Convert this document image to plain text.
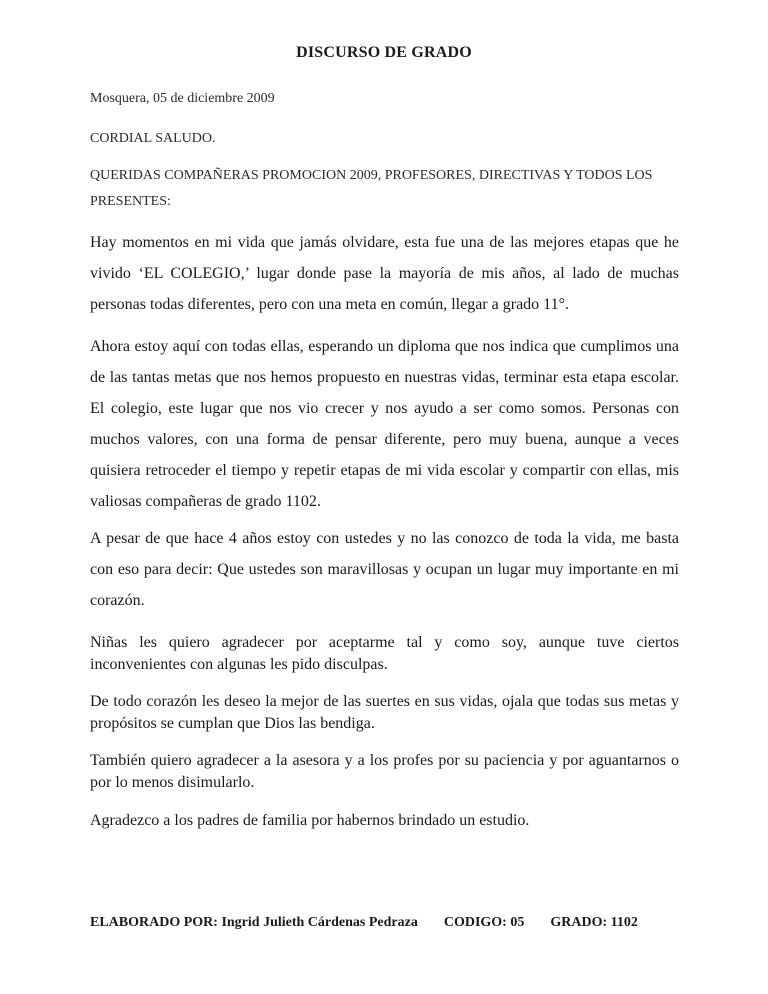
DISCURSO DE GRADO
Mosquera, 05 de diciembre 2009
CORDIAL SALUDO.
QUERIDAS COMPAÑERAS PROMOCION 2009, PROFESORES, DIRECTIVAS Y TODOS LOS PRESENTES:

Hay momentos en mi vida que jamás olvidare, esta fue una de las mejores etapas que he vivido ‘EL COLEGIO,’ lugar donde pase la mayoría de mis años, al lado de muchas personas todas diferentes, pero con una meta en común, llegar a grado 11°.

Ahora estoy aquí con todas ellas, esperando un diploma que nos indica que cumplimos una de las tantas metas que nos hemos propuesto en nuestras vidas, terminar esta etapa escolar. El colegio, este lugar que nos vio crecer y nos ayudo a ser como somos. Personas con muchos valores, con una forma de pensar diferente, pero muy buena, aunque a veces quisiera retroceder el tiempo y repetir etapas de mi vida escolar y compartir con ellas, mis valiosas compañeras de grado 1102.

A pesar de que hace 4 años estoy con ustedes y no las conozco de toda la vida, me basta con eso para decir: Que ustedes son maravillosas y ocupan un lugar muy importante en mi corazón.

Niñas les quiero agradecer por aceptarme tal y como soy, aunque tuve ciertos inconvenientes con algunas les pido disculpas.

De todo corazón les deseo la mejor de las suertes en sus vidas, ojala que todas sus metas y propósitos se cumplan que Dios las bendiga.

También quiero agradecer a la asesora y a los profes por su paciencia y por aguantarnos o por lo menos disimularlo.

Agradezco a los padres de familia por habernos brindado un estudio.

ELABORADO POR: Ingrid Julieth Cárdenas Pedraza CODIGO: 05 GRADO: 1102
